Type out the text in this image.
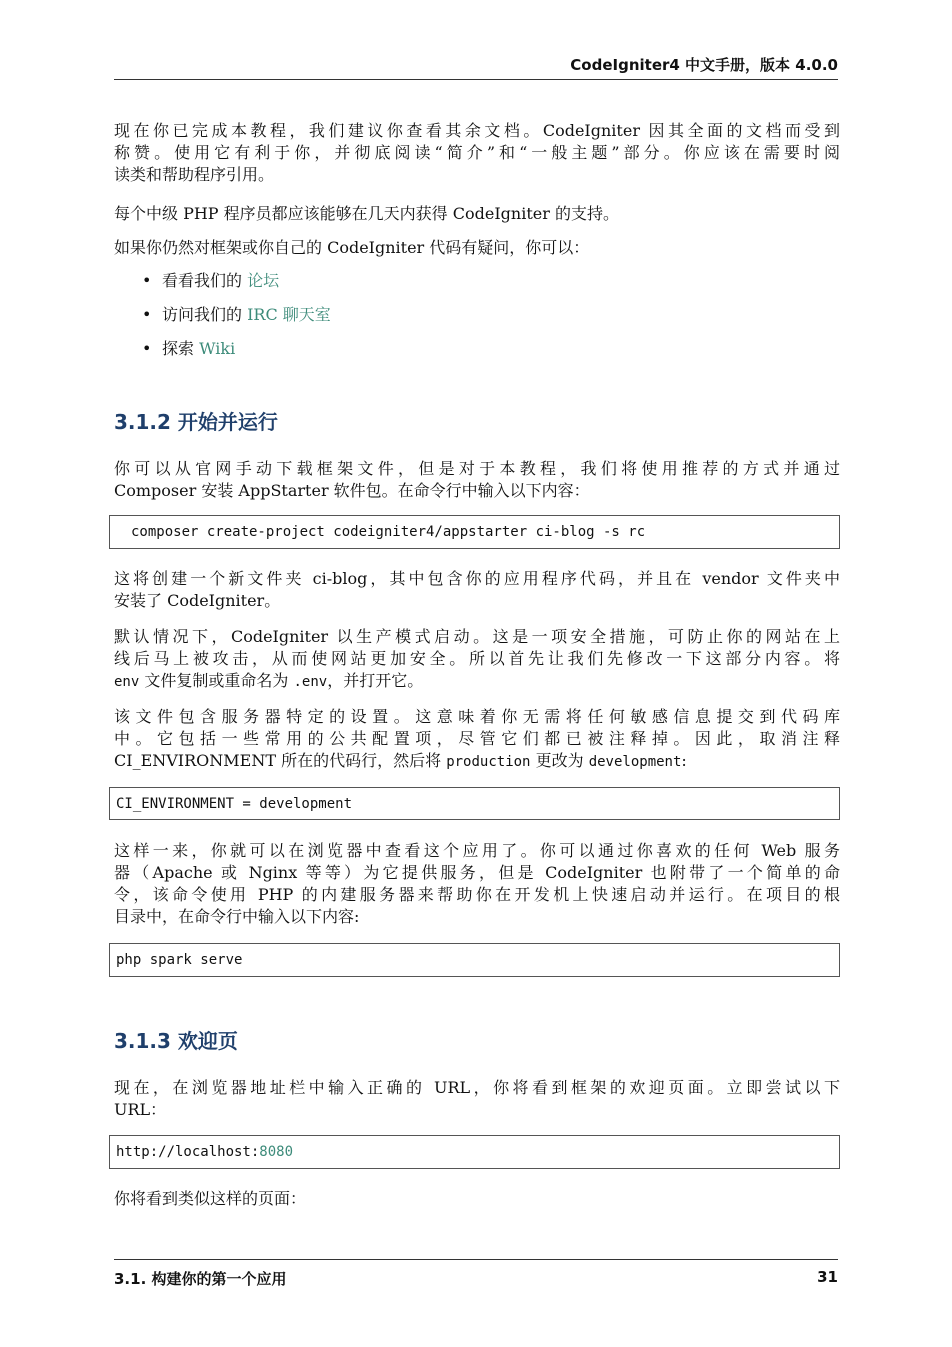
CodeIgniter4 中文手册，版本 4.0.0

现在你已完成本教程，我们建议你查看其余文档。CodeIgniter 因其全面的文档而受到
称赞。使用它有利于你，并彻底阅读“简介”和“一般主题”部分。你应该在需要时阅
读类和帮助程序引用。

每个中级 PHP 程序员都应该能够在几天内获得 CodeIgniter 的支持。

如果你仍然对框架或你自己的 CodeIgniter 代码有疑问，你可以：

• 看看我们的 论坛
• 访问我们的 IRC 聊天室
• 探索 Wiki
3.1.2 开始并运行

你可以从官网手动下载框架文件，但是对于本教程，我们将使用推荐的方式并通过
Composer 安装 AppStarter 软件包。在命令行中输入以下内容：

composer create-project codeigniter4/appstarter ci-blog -s rc

这将创建一个新文件夹 ci-blog，其中包含你的应用程序代码，并且在 vendor 文件夹中
安装了 CodeIgniter。

默认情况下，CodeIgniter 以生产模式启动。这是一项安全措施，可防止你的网站在上
线后马上被攻击，从而使网站更加安全。所以首先让我们先修改一下这部分内容。将
env 文件复制或重命名为 .env，并打开它。

该文件包含服务器特定的设置。这意味着你无需将任何敏感信息提交到代码库
中。它包括一些常用的公共配置项，尽管它们都已被注释掉。因此，取消注释
CI_ENVIRONMENT 所在的代码行，然后将 production 更改为 development:

CI_ENVIRONMENT = development

这样一来，你就可以在浏览器中查看这个应用了。你可以通过你喜欢的任何 Web 服务
器（Apache 或 Nginx 等等）为它提供服务，但是 CodeIgniter 也附带了一个简单的命
令，该命令使用 PHP 的内建服务器来帮助你在开发机上快速启动并运行。在项目的根
目录中，在命令行中输入以下内容:

php spark serve
3.1.3 欢迎页

现在，在浏览器地址栏中输入正确的 URL，你将看到框架的欢迎页面。立即尝试以下
URL：

http://localhost: 8080

你将看到类似这样的页面：

3.1. 构建你的第一个应用	31
